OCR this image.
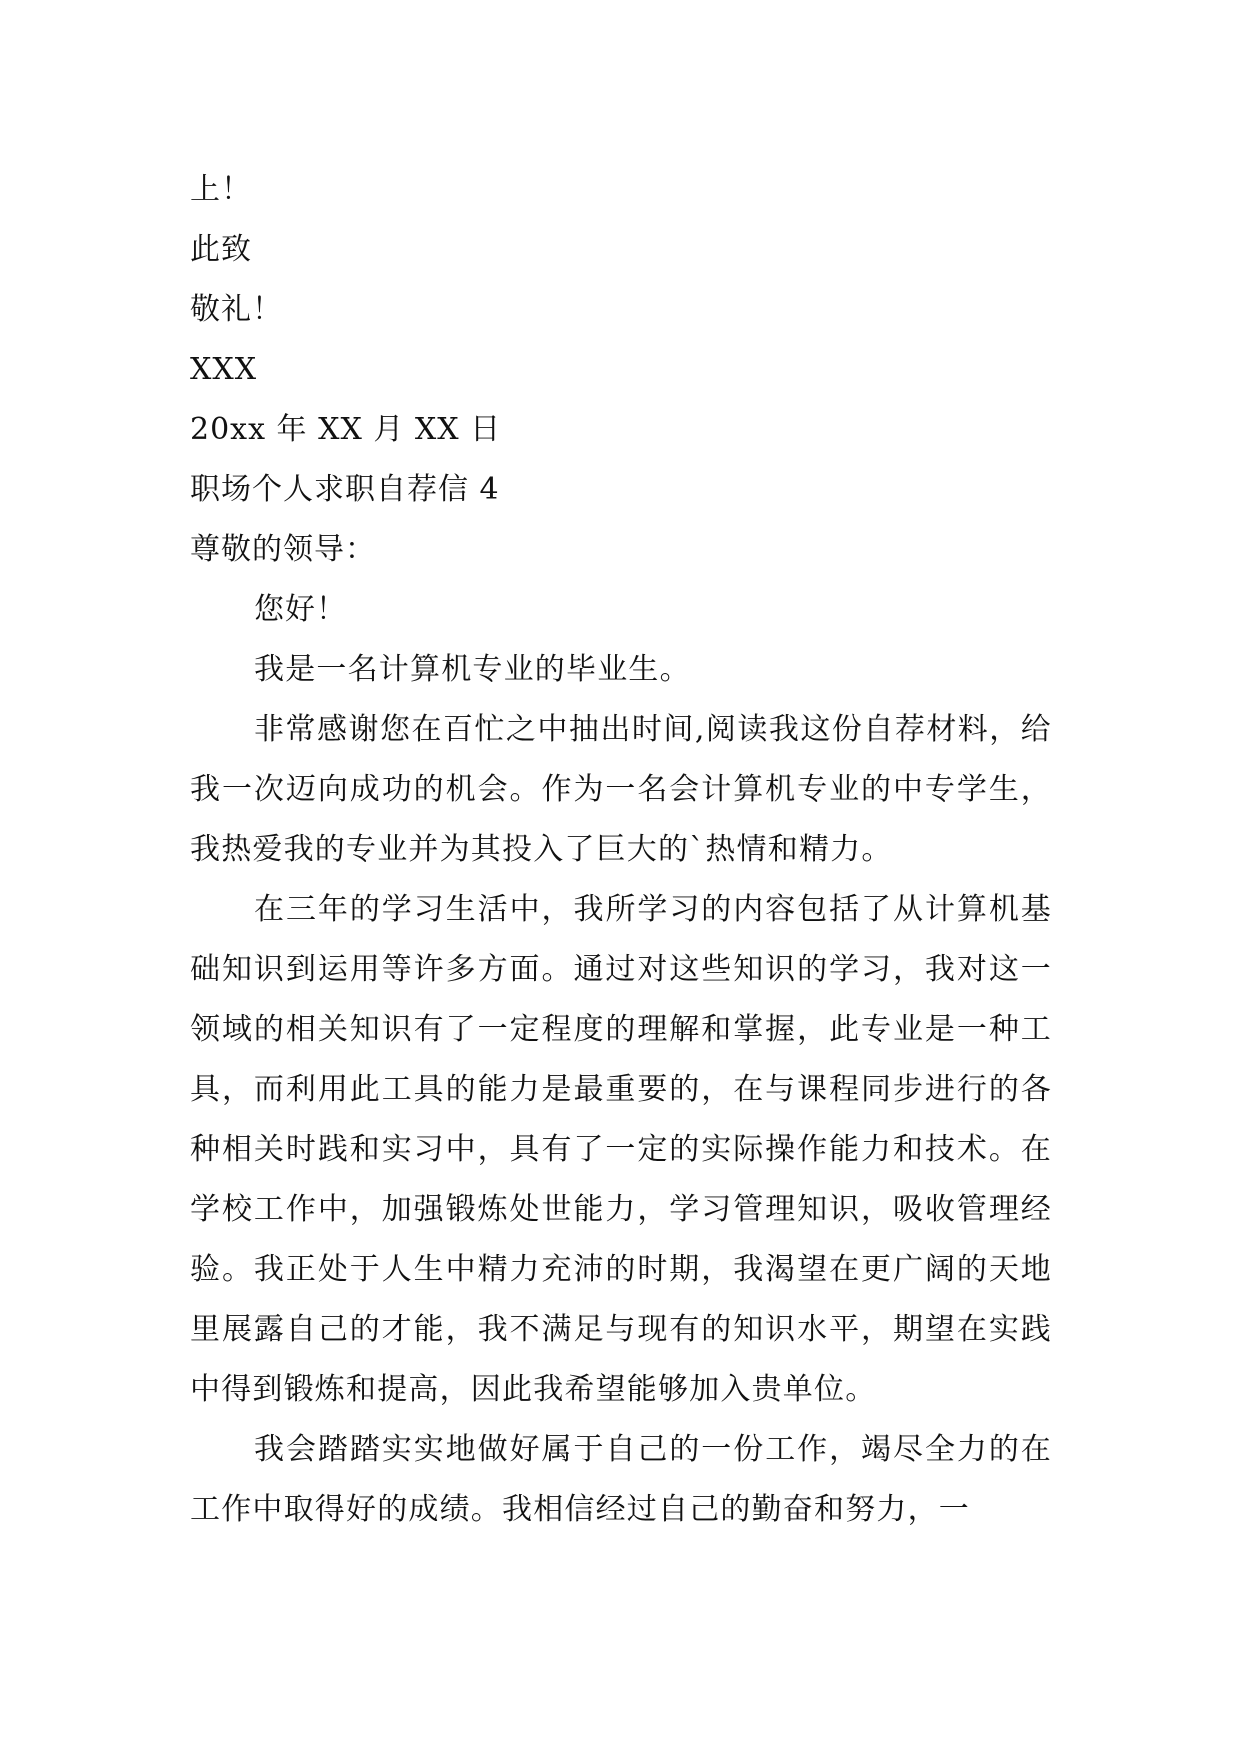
上！
此致
敬礼！
XXX
20xx 年 XX 月 XX 日
职场个人求职自荐信 4
尊敬的领导：
您好！

我是一名计算机专业的毕业生。

非常感谢您在百忙之中抽出时间,阅读我这份自荐材料，给我一次迈向成功的机会。作为一名会计算机专业的中专学生，我热爱我的专业并为其投入了巨大的`热情和精力。

在三年的学习生活中，我所学习的内容包括了从计算机基础知识到运用等许多方面。通过对这些知识的学习，我对这一领域的相关知识有了一定程度的理解和掌握，此专业是一种工具，而利用此工具的能力是最重要的，在与课程同步进行的各种相关时践和实习中，具有了一定的实际操作能力和技术。在学校工作中，加强锻炼处世能力，学习管理知识，吸收管理经验。我正处于人生中精力充沛的时期，我渴望在更广阔的天地里展露自己的才能，我不满足与现有的知识水平，期望在实践中得到锻炼和提高，因此我希望能够加入贵单位。

我会踏踏实实地做好属于自己的一份工作，竭尽全力的在工作中取得好的成绩。我相信经过自己的勤奋和努力，一
